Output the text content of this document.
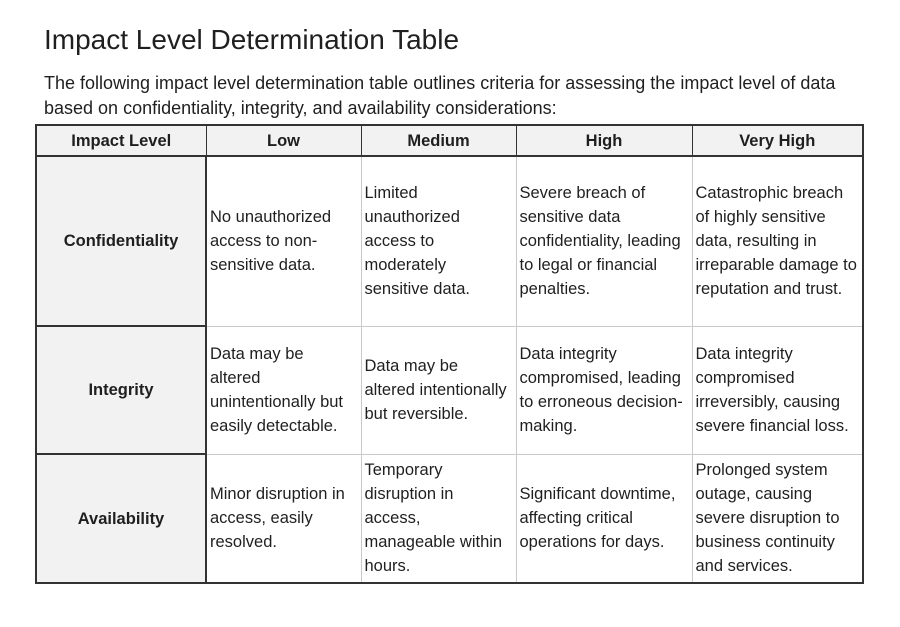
Impact Level Determination Table

The following impact level determination table outlines criteria for assessing the impact level of data based on confidentiality, integrity, and availability considerations:

Impact Level	Low	Medium	High	Very High
Confidentiality	No unauthorized access to non-sensitive data.	Limited unauthorized access to moderately sensitive data.	Severe breach of sensitive data confidentiality, leading to legal or financial penalties.	Catastrophic breach of highly sensitive data, resulting in irreparable damage to reputation and trust.
Integrity	Data may be altered unintentionally but easily detectable.	Data may be altered intentionally but reversible.	Data integrity compromised, leading to erroneous decision-making.	Data integrity compromised irreversibly, causing severe financial loss.
Availability	Minor disruption in access, easily resolved.	Temporary disruption in access, manageable within hours.	Significant downtime, affecting critical operations for days.	Prolonged system outage, causing severe disruption to business continuity and services.
